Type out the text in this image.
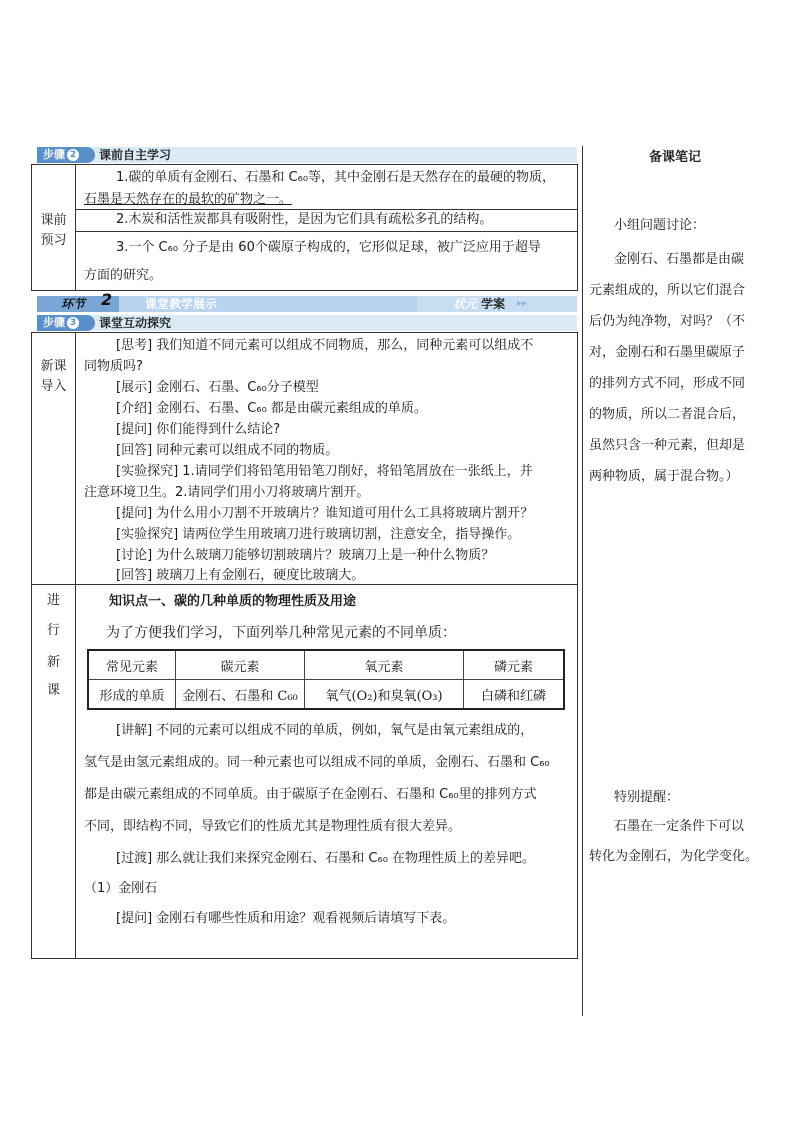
步骤 2	课前自主学习
课前
预习
1.碳的单质有金刚石、石墨和 C₆₀等，其中金刚石是天然存在的最硬的物质，
石墨是天然存在的最软的矿物之一。
2.木炭和活性炭都具有吸附性，是因为它们具有疏松多孔的结构。
3.一个 C₆₀ 分子是由 60个碳原子构成的，它形似足球，被广泛应用于超导
方面的研究。
环节 2	课堂教学展示	状元 学案 ▸▸
步骤 3	课堂互动探究
新课
导入
[思考] 我们知道不同元素可以组成不同物质，那么，同种元素可以组成不
同物质吗?
[展示] 金刚石、石墨、C₆₀分子模型
[介绍] 金刚石、石墨、C₆₀ 都是由碳元素组成的单质。
[提问] 你们能得到什么结论?
[回答] 同种元素可以组成不同的物质。
[实验探究] 1.请同学们将铅笔用铅笔刀削好，将铅笔屑放在一张纸上，并
注意环境卫生。2.请同学们用小刀将玻璃片割开。
[提问] 为什么用小刀割不开玻璃片？谁知道可用什么工具将玻璃片割开？
[实验探究] 请两位学生用玻璃刀进行玻璃切割，注意安全，指导操作。
[讨论] 为什么玻璃刀能够切割玻璃片？玻璃刀上是一种什么物质？
[回答] 玻璃刀上有金刚石，硬度比玻璃大。
进
行
新
课
知识点一、碳的几种单质的物理性质及用途
为了方便我们学习，下面列举几种常见元素的不同单质：
[讲解] 不同的元素可以组成不同的单质，例如，氧气是由氧元素组成的，
氢气是由氢元素组成的。同一种元素也可以组成不同的单质，金刚石、石墨和 C₆₀
都是由碳元素组成的不同单质。由于碳原子在金刚石、石墨和 C₆₀里的排列方式
不同，即结构不同，导致它们的性质尤其是物理性质有很大差异。
[过渡] 那么就让我们来探究金刚石、石墨和 C₆₀ 在物理性质上的差异吧。
（1）金刚石
[提问] 金刚石有哪些性质和用途？观看视频后请填写下表。
常见元素	碳元素	氧元素	磷元素
形成的单质	金刚石、石墨和 C₆₀	氧气(O₂)和臭氧(O₃)	白磷和红磷
备课笔记
小组问题讨论：
金刚石、石墨都是由碳
元素组成的，所以它们混合
后仍为纯净物，对吗？（不
对，金刚石和石墨里碳原子
的排列方式不同，形成不同
的物质，所以二者混合后，
虽然只含一种元素，但却是
两种物质，属于混合物。）
特别提醒：
石墨在一定条件下可以
转化为金刚石，为化学变化。
